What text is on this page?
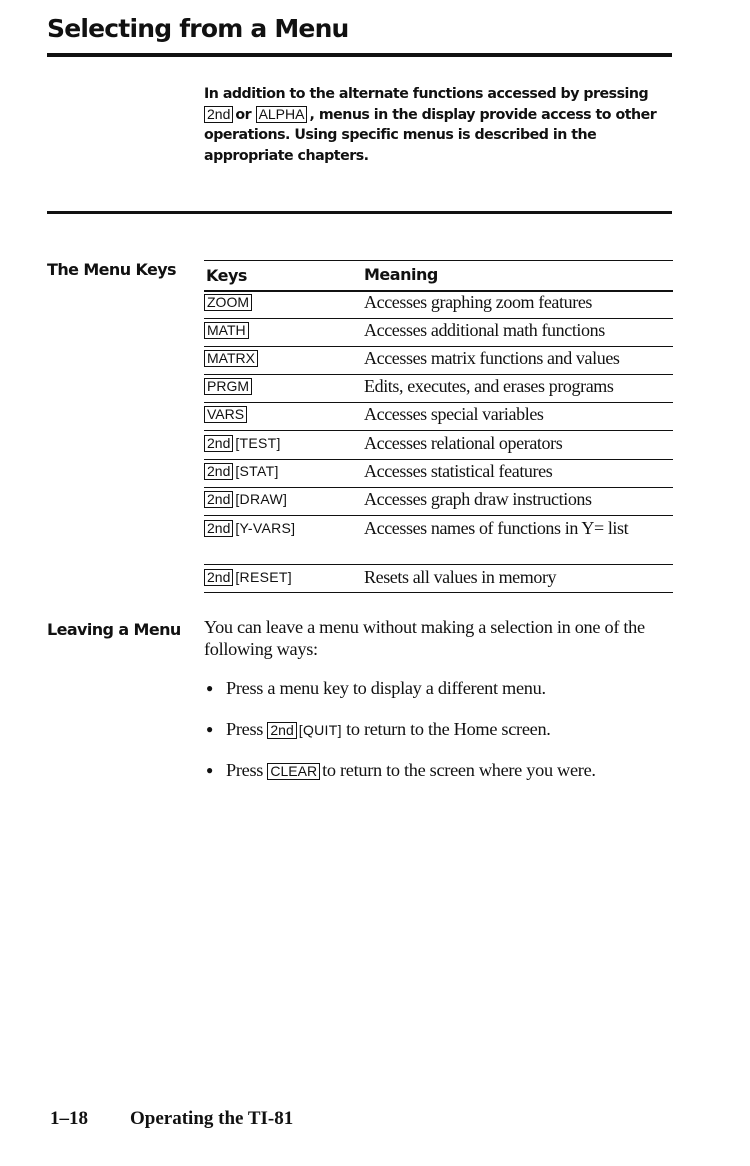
Selecting from a Menu
In addition to the alternate functions accessed by pressing 2nd or ALPHA , menus in the display provide access to other operations. Using specific menus is described in the appropriate chapters.
The Menu Keys Keys	Meaning
ZOOM	Accesses graphing zoom features
MATH	Accesses additional math functions
MATRX	Accesses matrix functions and values
PRGM	Edits, executes, and erases programs
VARS	Accesses special variables
2nd [TEST]	Accesses relational operators
2nd [STAT]	Accesses statistical features
2nd [DRAW]	Accesses graph draw instructions
2nd [Y-VARS]	Accesses names of functions in Y= list
2nd [RESET]	Resets all values in memory
Leaving a Menu You can leave a menu without making a selection in one of the following ways:
● Press a menu key to display a different menu.
● Press 2nd [QUIT] to return to the Home screen.
● Press CLEAR to return to the screen where you were.
1–18 Operating the TI-81
